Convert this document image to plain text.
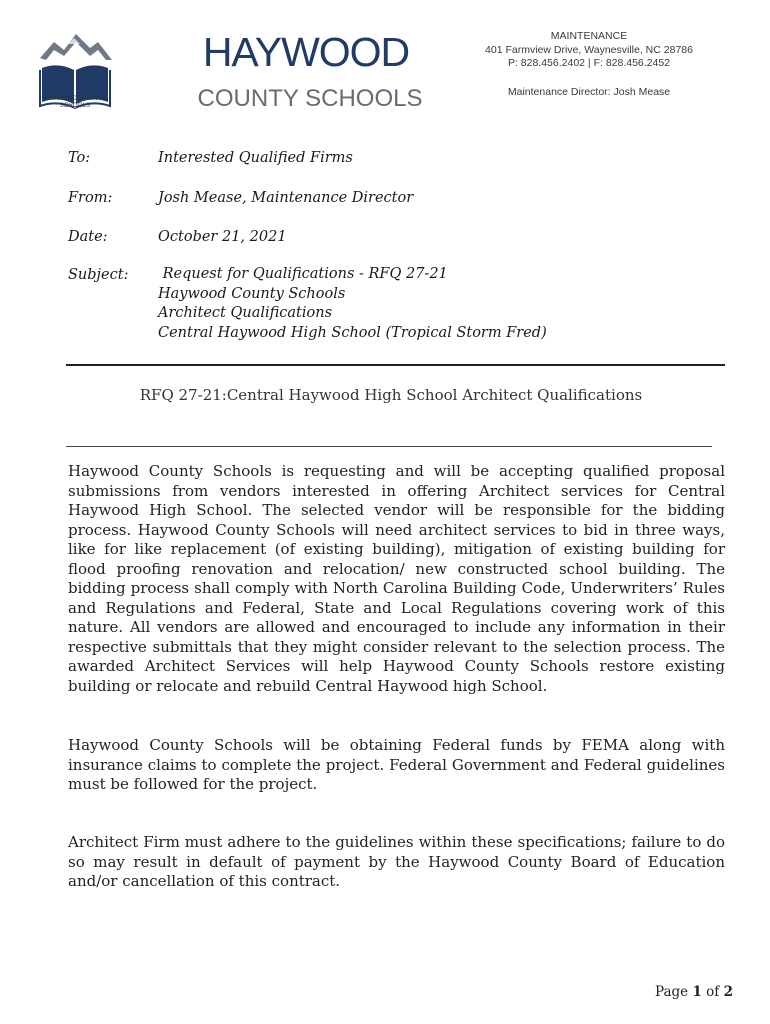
HAYWOOD COUNTY SCHOOLS
HAYWOOD
COUNTY SCHOOLS
MAINTENANCE
401 Farmview Drive, Waynesville, NC 28786
P: 828.456.2402 | F: 828.456.2452
Maintenance Director: Josh Mease
To:	Interested Qualified Firms
From:	Josh Mease, Maintenance Director
Date:	October 21, 2021
Subject: Request for Qualifications - RFQ 27-21
Haywood County Schools
Architect Qualifications
Central Haywood High School (Tropical Storm Fred)
RFQ 27-21:Central Haywood High School Architect Qualifications

Haywood County Schools is requesting and will be accepting qualified proposal submissions from vendors interested in offering Architect services for Central Haywood High School. The selected vendor will be responsible for the bidding process. Haywood County Schools will need architect services to bid in three ways, like for like replacement (of existing building), mitigation of existing building for flood proofing renovation and relocation/ new constructed school building. The bidding process shall comply with North Carolina Building Code, Underwriters’ Rules and Regulations and Federal, State and Local Regulations covering work of this nature. All vendors are allowed and encouraged to include any information in their respective submittals that they might consider relevant to the selection process. The awarded Architect Services will help Haywood County Schools restore existing building or relocate and rebuild Central Haywood high School.

Haywood County Schools will be obtaining Federal funds by FEMA along with insurance claims to complete the project. Federal Government and Federal guidelines must be followed for the project.

Architect Firm must adhere to the guidelines within these specifications; failure to do so may result in default of payment by the Haywood County Board of Education and/or cancellation of this contract.

Page 1 of 2
